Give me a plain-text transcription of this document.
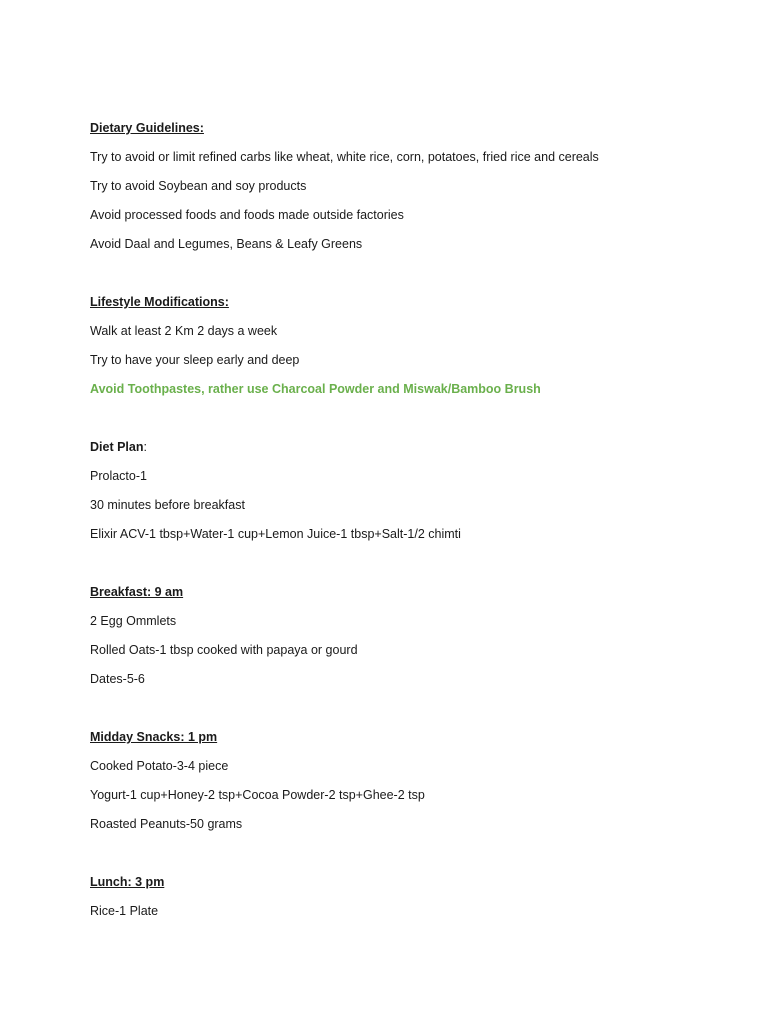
Dietary Guidelines:

Try to avoid or limit refined carbs like wheat, white rice, corn, potatoes, fried rice and cereals

Try to avoid Soybean and soy products

Avoid processed foods and foods made outside factories

Avoid Daal and Legumes, Beans & Leafy Greens

Lifestyle Modifications:

Walk at least 2 Km 2 days a week

Try to have your sleep early and deep

Avoid Toothpastes, rather use Charcoal Powder and Miswak/Bamboo Brush

Diet Plan:

Prolacto-1

30 minutes before breakfast

Elixir ACV-1 tbsp+Water-1 cup+Lemon Juice-1 tbsp+Salt-1/2 chimti

Breakfast: 9 am

2 Egg Ommlets

Rolled Oats-1 tbsp cooked with papaya or gourd

Dates-5-6

Midday Snacks: 1 pm

Cooked Potato-3-4 piece

Yogurt-1 cup+Honey-2 tsp+Cocoa Powder-2 tsp+Ghee-2 tsp

Roasted Peanuts-50 grams

Lunch: 3 pm

Rice-1 Plate
